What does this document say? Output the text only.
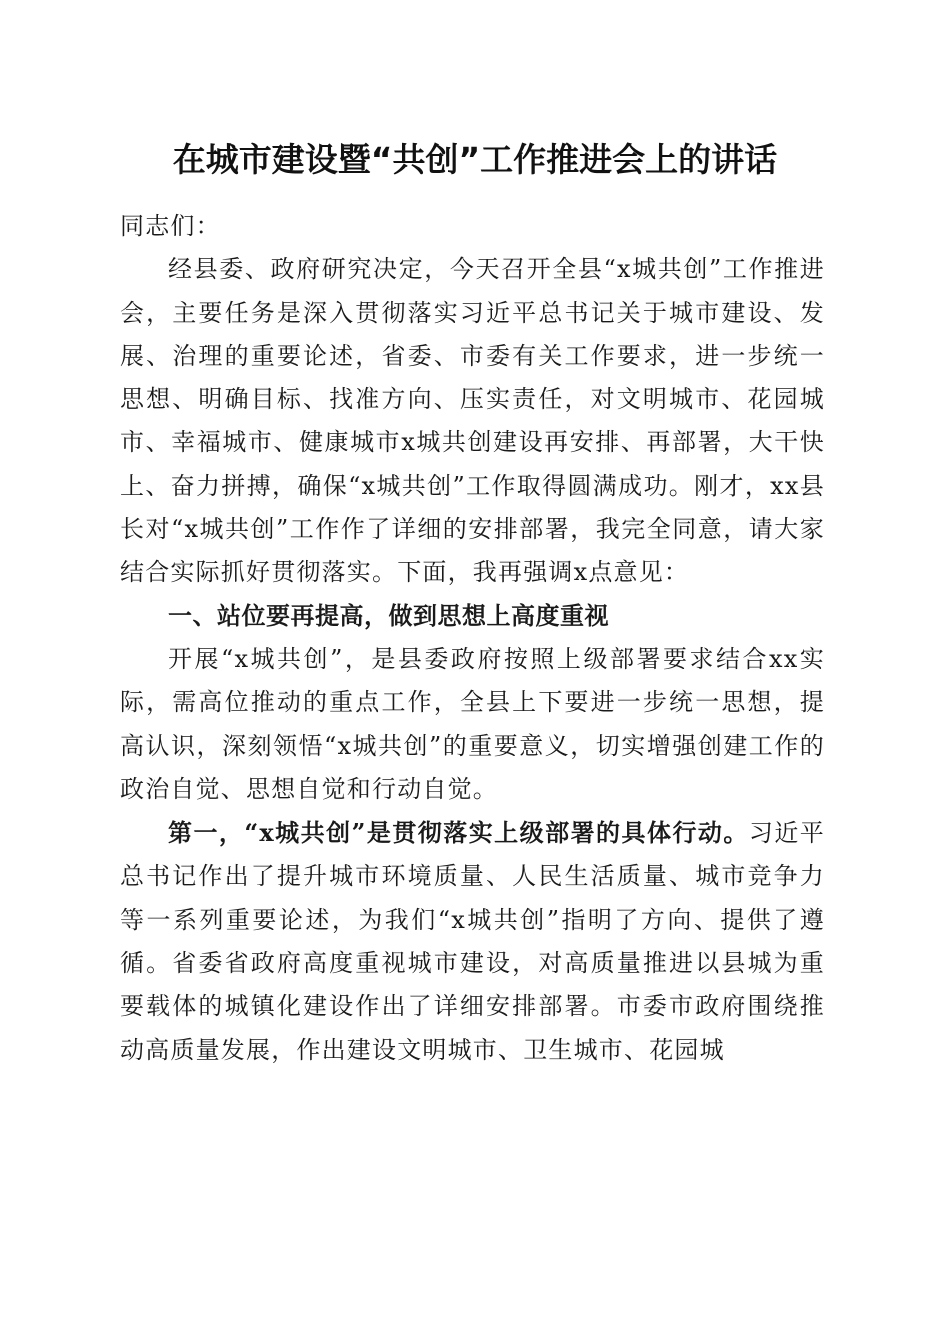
在城市建设暨“共创”工作推进会上的讲话

同志们：

经县委、政府研究决定，今天召开全县“x城共创”工作推进会，主要任务是深入贯彻落实习近平总书记关于城市建设、发展、治理的重要论述，省委、市委有关工作要求，进一步统一思想、明确目标、找准方向、压实责任，对文明城市、花园城市、幸福城市、健康城市x城共创建设再安排、再部署，大干快上、奋力拼搏，确保“x城共创”工作取得圆满成功。刚才，xx县长对“x城共创”工作作了详细的安排部署，我完全同意，请大家结合实际抓好贯彻落实。下面，我再强调x点意见：

一、站位要再提高，做到思想上高度重视

开展“x城共创”，是县委政府按照上级部署要求结合xx实际，需高位推动的重点工作，全县上下要进一步统一思想，提高认识，深刻领悟“x城共创”的重要意义，切实增强创建工作的政治自觉、思想自觉和行动自觉。

第一，“x城共创”是贯彻落实上级部署的具体行动。习近平总书记作出了提升城市环境质量、人民生活质量、城市竞争力等一系列重要论述，为我们“x城共创”指明了方向、提供了遵循。省委省政府高度重视城市建设，对高质量推进以县城为重要载体的城镇化建设作出了详细安排部署。市委市政府围绕推动高质量发展，作出建设文明城市、卫生城市、花园城
